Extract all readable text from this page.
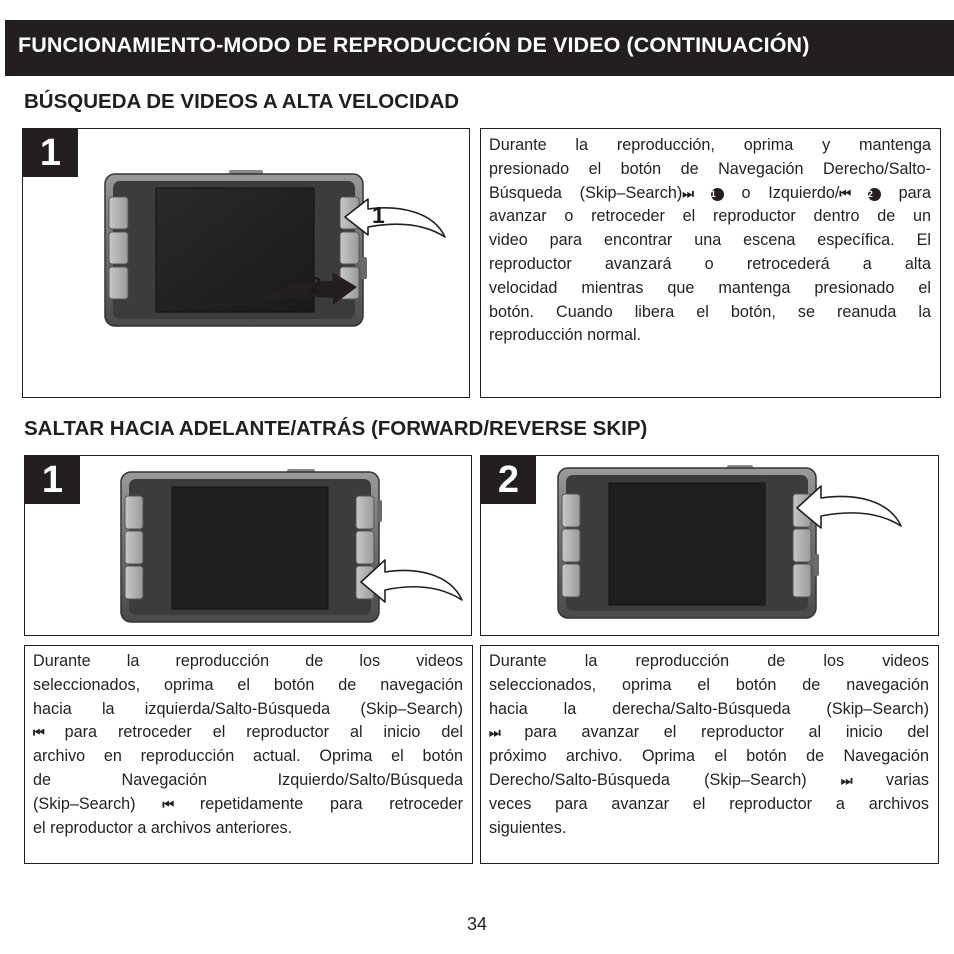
FUNCIONAMIENTO-MODO DE REPRODUCCIÓN DE VIDEO (CONTINUACIÓN)
BÚSQUEDA DE VIDEOS A ALTA VELOCIDAD
1
1
2
Durante la reproducción, oprima y mantenga
presionado el botón de Navegación Derecho/Salto-
Búsqueda (Skip–Search)⏭ 1 o Izquierdo/⏮ 2 para
avanzar o retroceder el reproductor dentro de un
video para encontrar una escena específica. El
reproductor avanzará o retrocederá a alta
velocidad mientras que mantenga presionado el
botón. Cuando libera el botón, se reanuda la
reproducción normal.
SALTAR HACIA ADELANTE/ATRÁS (FORWARD/REVERSE SKIP)
1	2
Durante la reproducción de los videos
seleccionados, oprima el botón de navegación
hacia la izquierda/Salto-Búsqueda (Skip–Search)
⏮ para retroceder el reproductor al inicio del
archivo en reproducción actual. Oprima el botón
de Navegación Izquierdo/Salto/Búsqueda
(Skip–Search) ⏮ repetidamente para retroceder
el reproductor a archivos anteriores.
Durante la reproducción de los videos
seleccionados, oprima el botón de navegación
hacia la derecha/Salto-Búsqueda (Skip–Search)
⏭ para avanzar el reproductor al inicio del
próximo archivo. Oprima el botón de Navegación
Derecho/Salto-Búsqueda (Skip–Search)	⏭ varias
veces para avanzar el reproductor a archivos
siguientes.
34
